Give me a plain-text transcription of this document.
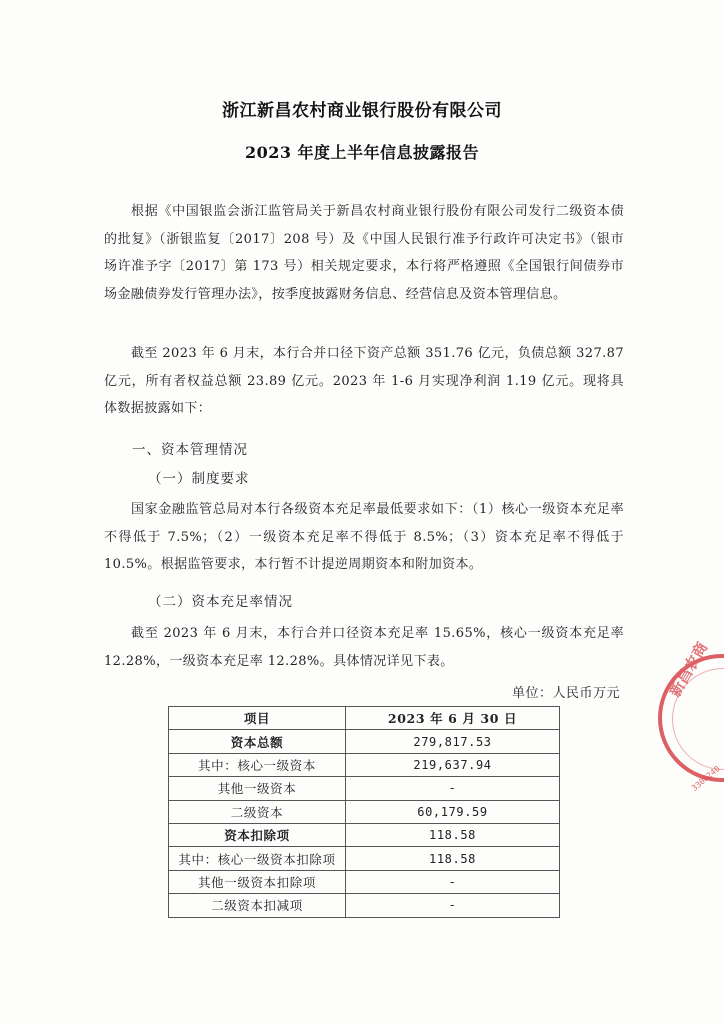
浙江新昌农村商业银行股份有限公司
2023 年度上半年信息披露报告
根据《中国银监会浙江监管局关于新昌农村商业银行股份有限公司发行二级资本债的批复》（浙银监复〔2017〕208 号）及《中国人民银行准予行政许可决定书》（银市场许准予字〔2017〕第 173 号）相关规定要求，本行将严格遵照《全国银行间债券市场金融债券发行管理办法》，按季度披露财务信息、经营信息及资本管理信息。
截至 2023 年 6 月末，本行合并口径下资产总额 351.76 亿元，负债总额 327.87 亿元，所有者权益总额 23.89 亿元。2023 年 1-6 月实现净利润 1.19 亿元。现将具体数据披露如下：
一、资本管理情况
（一）制度要求
国家金融监管总局对本行各级资本充足率最低要求如下：（1）核心一级资本充足率不得低于 7.5%；（2）一级资本充足率不得低于 8.5%；（3）资本充足率不得低于 10.5%。根据监管要求，本行暂不计提逆周期资本和附加资本。
（二）资本充足率情况
截至 2023 年 6 月末，本行合并口径资本充足率 15.65%，核心一级资本充足率 12.28%，一级资本充足率 12.28%。具体情况详见下表。
单位：人民币万元
项目	2023 年 6 月 30 日
资本总额	279,817.53
其中：核心一级资本	219,637.94
其他一级资本	-
二级资本	60,179.59
资本扣除项	118.58
其中：核心一级资本扣除项	118.58
其他一级资本扣除项	-
二级资本扣减项	-
新昌农商
3306240
